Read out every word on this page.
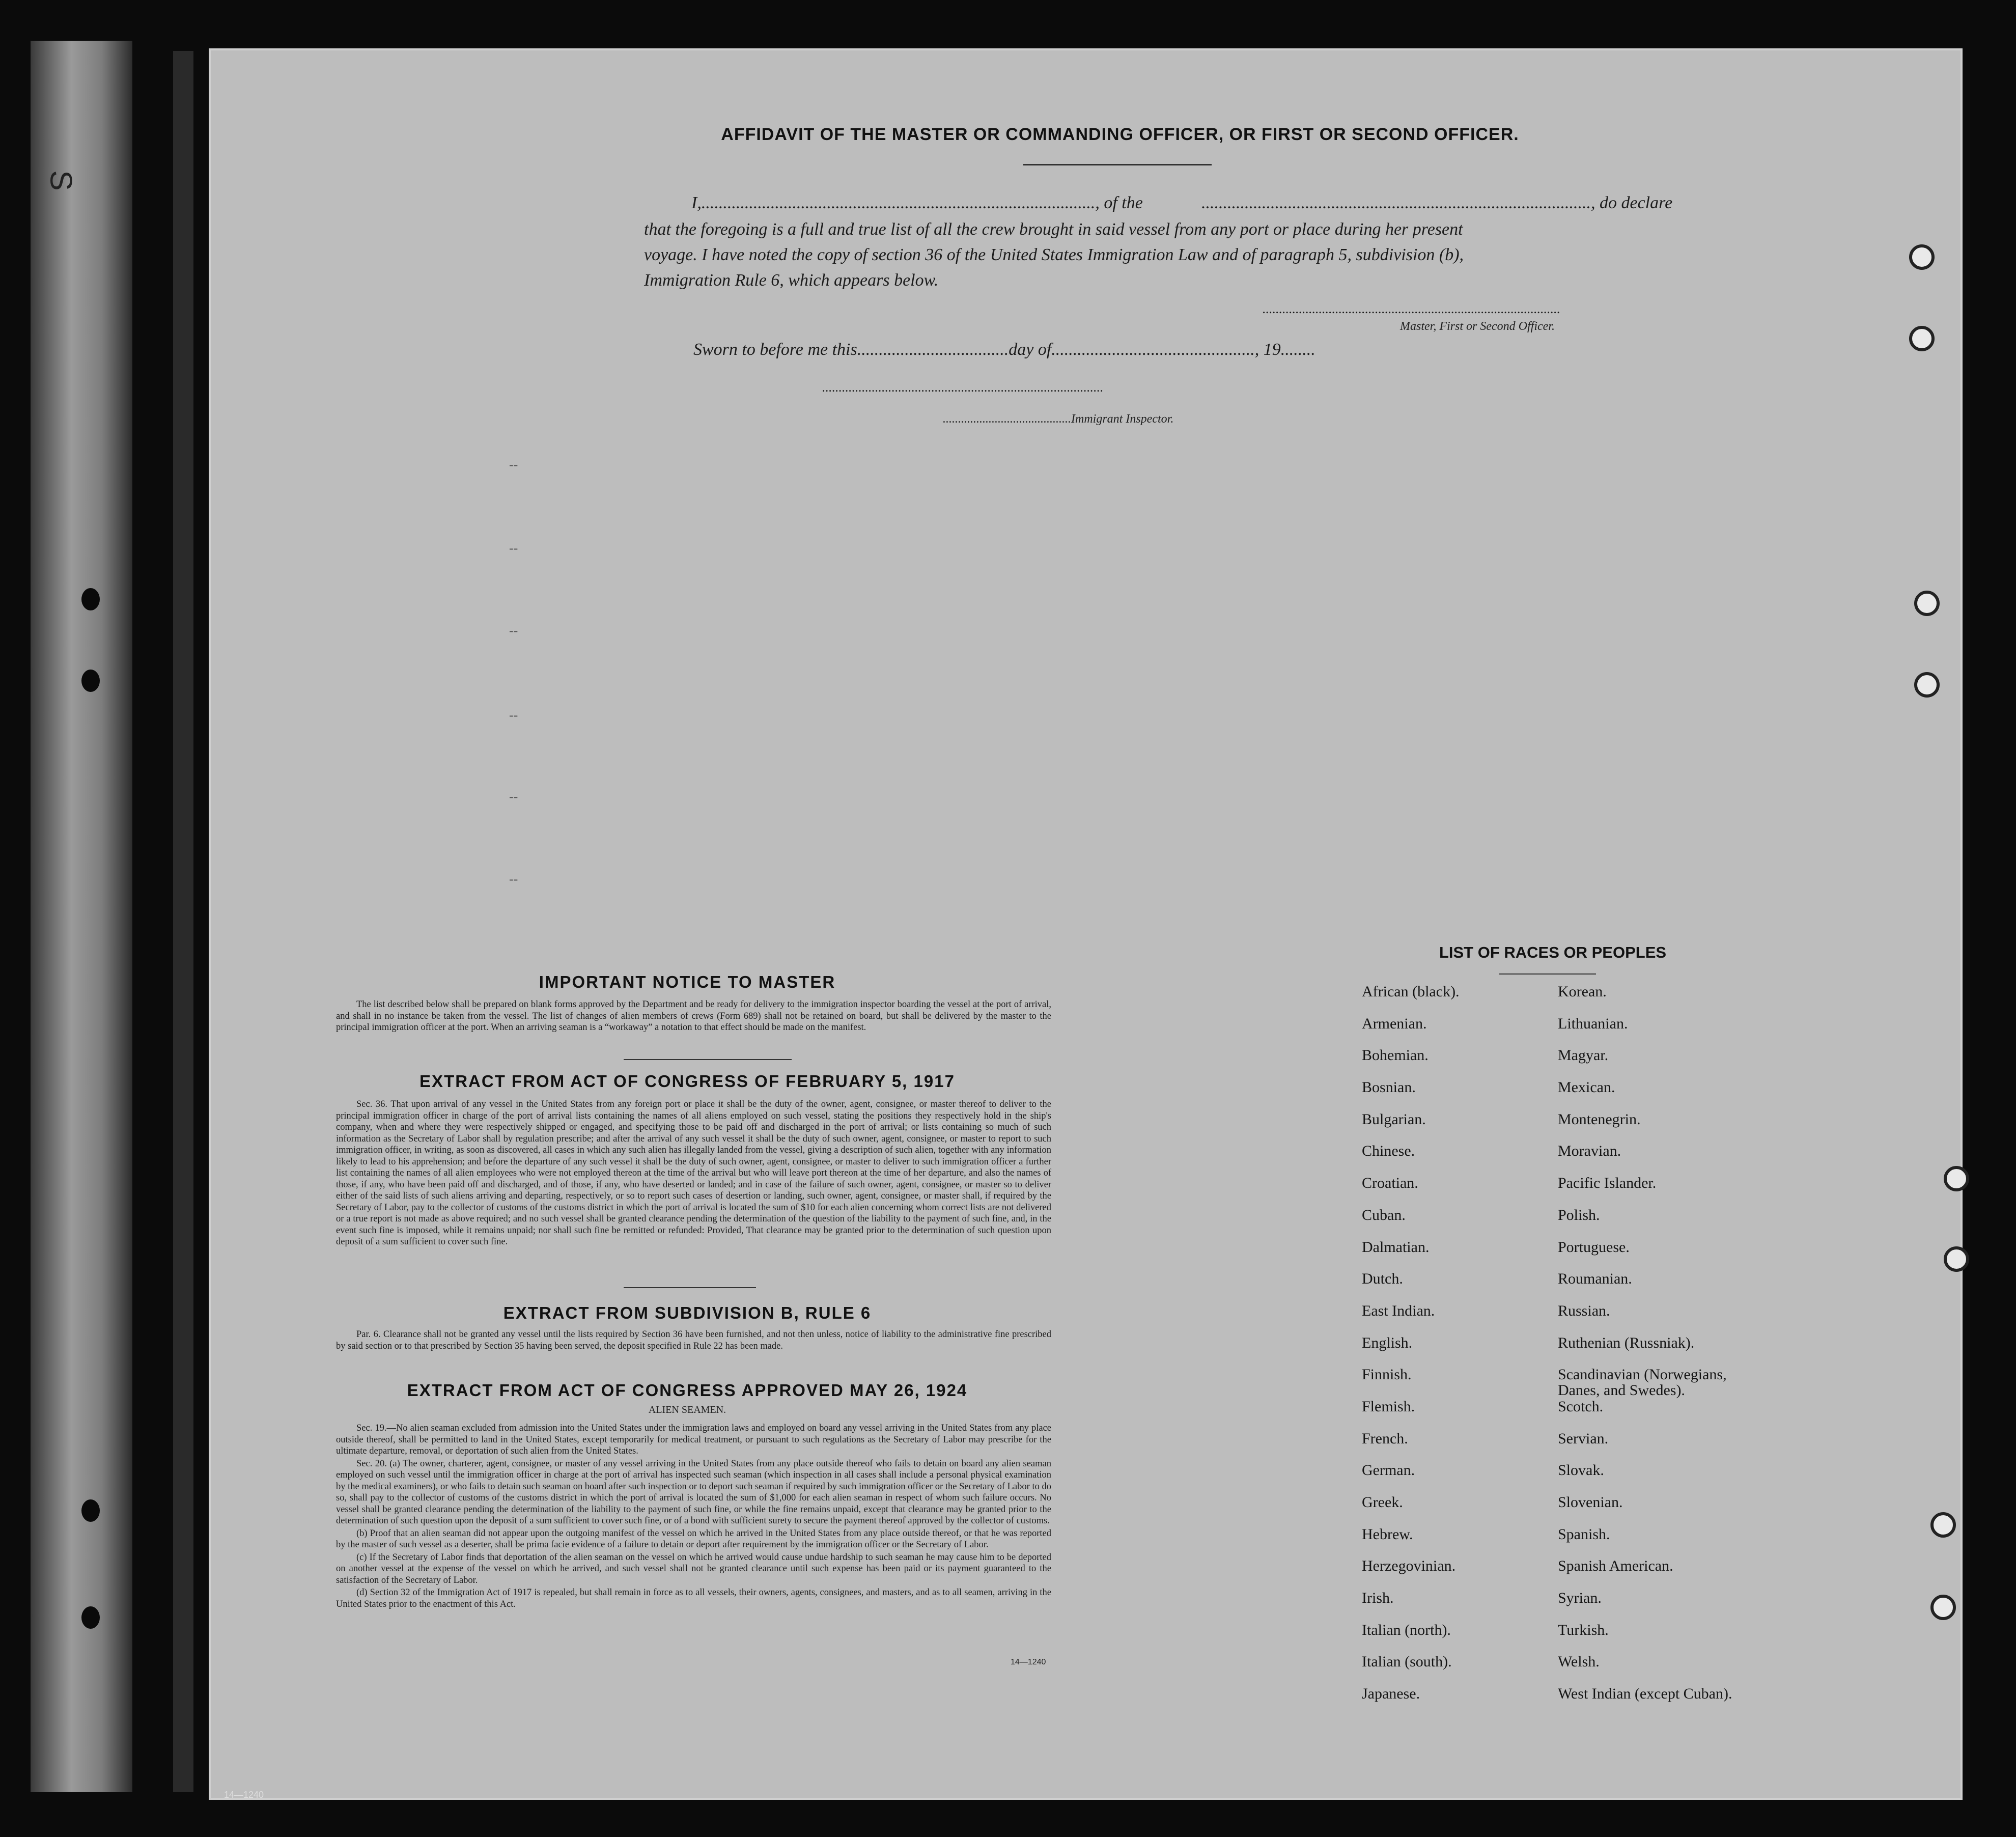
S
AFFIDAVIT OF THE MASTER OR COMMANDING OFFICER, OR FIRST OR SECOND OFFICER.
I,..........................................................................................., of the	.........................................................................................., do declare
that the foregoing is a full and true list of all the crew brought in said vessel from any port or place during her present
voyage. I have noted the copy of section 36 of the United States Immigration Law and of paragraph 5, subdivision (b),
Immigration Rule 6, which appears below.
..........................................................................................
Master, First or Second Officer.
Sworn to before me this...................................day of..............................................., 19........
.....................................................................................
..........................................Immigrant Inspector.
--
--
--
--
--
--
IMPORTANT NOTICE TO MASTER

The list described below shall be prepared on blank forms approved by the Department and be ready for delivery to the immigration inspector boarding the vessel at the port of arrival, and shall in no instance be taken from the vessel. The list of changes of alien members of crews (Form 689) shall not be retained on board, but shall be delivered by the master to the principal immigration officer at the port. When an arriving seaman is a “workaway” a notation to that effect should be made on the manifest.

EXTRACT FROM ACT OF CONGRESS OF FEBRUARY 5, 1917

Sec. 36. That upon arrival of any vessel in the United States from any foreign port or place it shall be the duty of the owner, agent, consignee, or master thereof to deliver to the principal immigration officer in charge of the port of arrival lists containing the names of all aliens employed on such vessel, stating the positions they respectively hold in the ship's company, when and where they were respectively shipped or engaged, and specifying those to be paid off and discharged in the port of arrival; or lists containing so much of such information as the Secretary of Labor shall by regulation prescribe; and after the arrival of any such vessel it shall be the duty of such owner, agent, consignee, or master to report to such immigration officer, in writing, as soon as discovered, all cases in which any such alien has illegally landed from the vessel, giving a description of such alien, together with any information likely to lead to his apprehension; and before the departure of any such vessel it shall be the duty of such owner, agent, consignee, or master to deliver to such immigration officer a further list containing the names of all alien employees who were not employed thereon at the time of the arrival but who will leave port thereon at the time of her departure, and also the names of those, if any, who have been paid off and discharged, and of those, if any, who have deserted or landed; and in case of the failure of such owner, agent, consignee, or master so to deliver either of the said lists of such aliens arriving and departing, respectively, or so to report such cases of desertion or landing, such owner, agent, consignee, or master shall, if required by the Secretary of Labor, pay to the collector of customs of the customs district in which the port of arrival is located the sum of $10 for each alien concerning whom correct lists are not delivered or a true report is not made as above required; and no such vessel shall be granted clearance pending the determination of the question of the liability to the payment of such fine, and, in the event such fine is imposed, while it remains unpaid; nor shall such fine be remitted or refunded: Provided, That clearance may be granted prior to the determination of such question upon deposit of a sum sufficient to cover such fine.

EXTRACT FROM SUBDIVISION B, RULE 6

Par. 6. Clearance shall not be granted any vessel until the lists required by Section 36 have been furnished, and not then unless, notice of liability to the administrative fine prescribed by said section or to that prescribed by Section 35 having been served, the deposit specified in Rule 22 has been made.

EXTRACT FROM ACT OF CONGRESS APPROVED MAY 26, 1924
ALIEN SEAMEN.

Sec. 19.—No alien seaman excluded from admission into the United States under the immigration laws and employed on board any vessel arriving in the United States from any place outside thereof, shall be permitted to land in the United States, except temporarily for medical treatment, or pursuant to such regulations as the Secretary of Labor may prescribe for the ultimate departure, removal, or deportation of such alien from the United States.

Sec. 20. (a) The owner, charterer, agent, consignee, or master of any vessel arriving in the United States from any place outside thereof who fails to detain on board any alien seaman employed on such vessel until the immigration officer in charge at the port of arrival has inspected such seaman (which inspection in all cases shall include a personal physical examination by the medical examiners), or who fails to detain such seaman on board after such inspection or to deport such seaman if required by such immigration officer or the Secretary of Labor to do so, shall pay to the collector of customs of the customs district in which the port of arrival is located the sum of $1,000 for each alien seaman in respect of whom such failure occurs. No vessel shall be granted clearance pending the determination of the liability to the payment of such fine, or while the fine remains unpaid, except that clearance may be granted prior to the determination of such question upon the deposit of a sum sufficient to cover such fine, or of a bond with sufficient surety to secure the payment thereof approved by the collector of customs.

(b) Proof that an alien seaman did not appear upon the outgoing manifest of the vessel on which he arrived in the United States from any place outside thereof, or that he was reported by the master of such vessel as a deserter, shall be prima facie evidence of a failure to detain or deport after requirement by the immigration officer or the Secretary of Labor.

(c) If the Secretary of Labor finds that deportation of the alien seaman on the vessel on which he arrived would cause undue hardship to such seaman he may cause him to be deported on another vessel at the expense of the vessel on which he arrived, and such vessel shall not be granted clearance until such expense has been paid or its payment guaranteed to the satisfaction of the Secretary of Labor.

(d) Section 32 of the Immigration Act of 1917 is repealed, but shall remain in force as to all vessels, their owners, agents, consignees, and masters, and as to all seamen, arriving in the United States prior to the enactment of this Act.

14—1240
LIST OF RACES OR PEOPLES
African (black).
Armenian.
Bohemian.
Bosnian.
Bulgarian.
Chinese.
Croatian.
Cuban.
Dalmatian.
Dutch.
East Indian.
English.
Finnish.
Flemish.
French.
German.
Greek.
Hebrew.
Herzegovinian.
Irish.
Italian (north).
Italian (south).
Japanese.
Korean.
Lithuanian.
Magyar.
Mexican.
Montenegrin.
Moravian.
Pacific Islander.
Polish.
Portuguese.
Roumanian.
Russian.
Ruthenian (Russniak).
Scandinavian (Norwegians,
Danes, and Swedes).
Scotch.
Servian.
Slovak.
Slovenian.
Spanish.
Spanish American.
Syrian.
Turkish.
Welsh.
West Indian (except Cuban).
14—1240
